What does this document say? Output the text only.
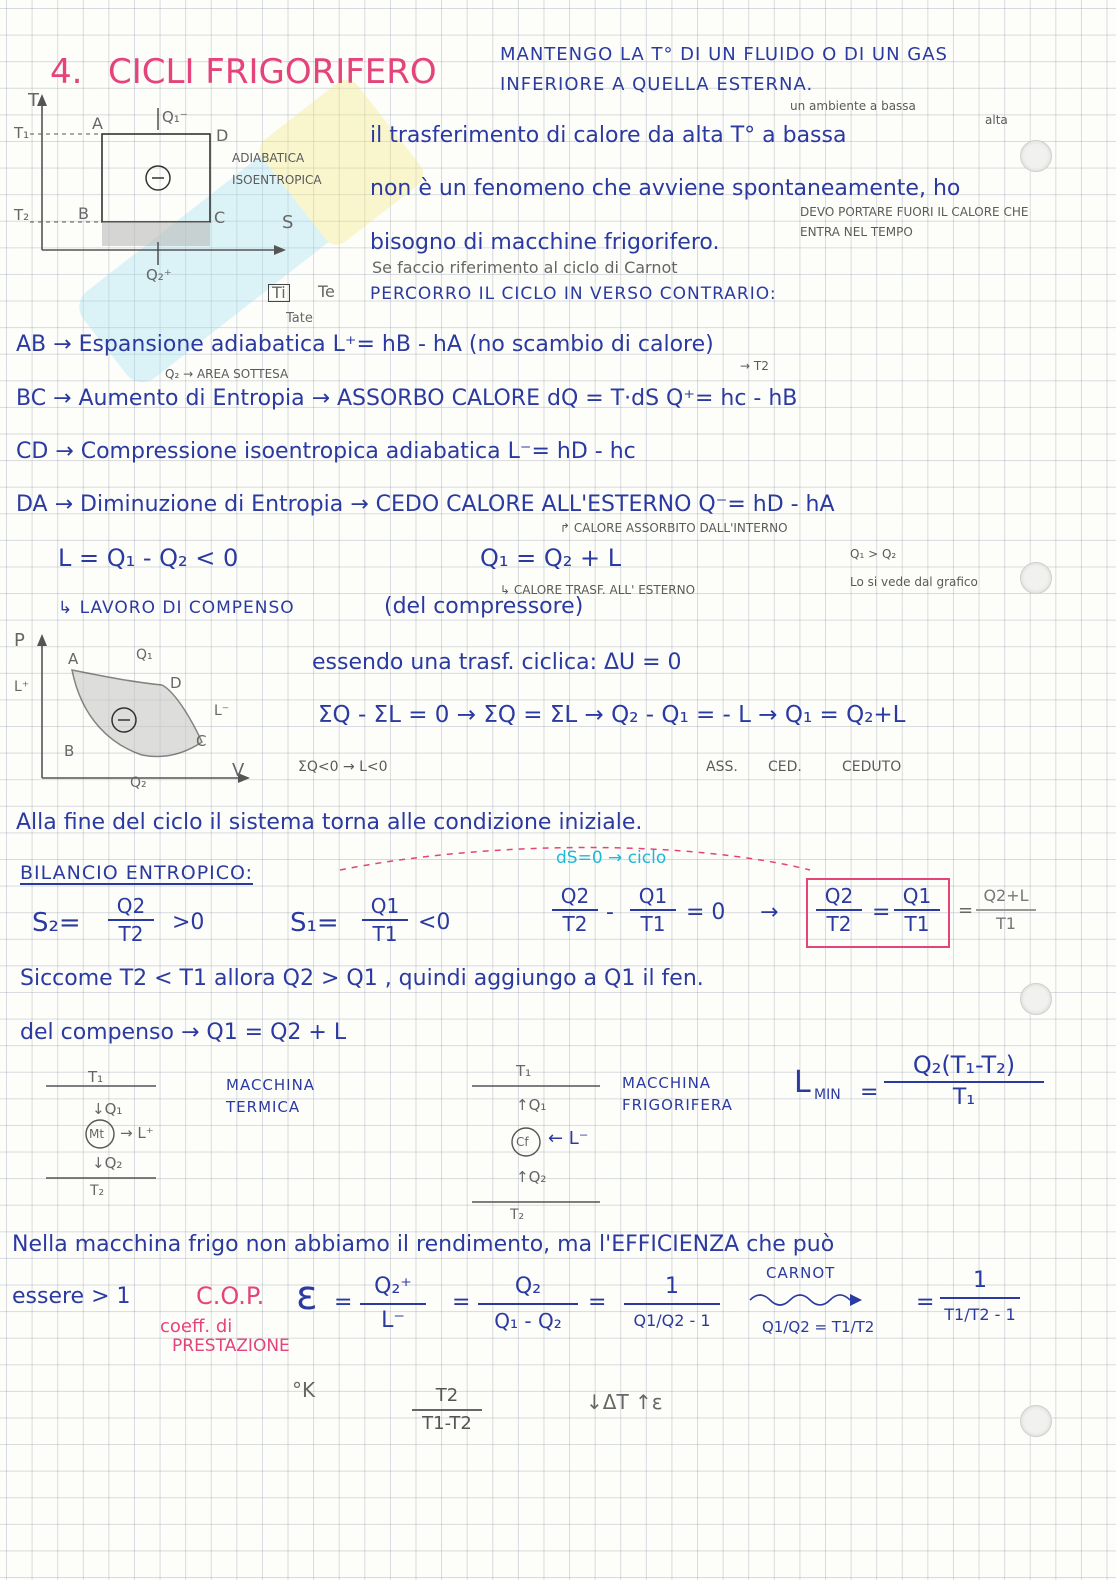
4. CICLI FRIGORIFERO	MANTENGO LA T° DI UN FLUIDO O DI UN GAS INFERIORE A QUELLA ESTERNA.
T
S
T₁
T₂
A
B	C
D
Q₁⁻
Q₂⁺
ADIABATICA
ISOENTROPICA
il trasferimento di calore da alta T° a bassa
un ambiente a bassa
alta
non è un fenomeno che avviene spontaneamente, ho
bisogno di macchine frigorifero.
DEVO PORTARE FUORI IL CALORE CHE ENTRA NEL TEMPO
Se faccio riferimento al ciclo di Carnot
Ti Te
Tate
PERCORRO IL CICLO IN VERSO CONTRARIO:
Q₂ → AREA SOTTESA
→ T2
AB → Espansione adiabatica L⁺= hB - hA (no scambio di calore)
BC → Aumento di Entropia → ASSORBO CALORE dQ = T·dS Q⁺= hc - hB
CD → Compressione isoentropica adiabatica L⁻= hD - hc
DA → Diminuzione di Entropia → CEDO CALORE ALL'ESTERNO Q⁻= hD - hA
↱ CALORE ASSORBITO DALL'INTERNO
Q₁ > Q₂
Lo si vede dal grafico
L = Q₁ - Q₂ < 0	Q₁ = Q₂ + L
↳ CALORE TRASF. ALL' ESTERNO
↳ LAVORO DI COMPENSO	(del compressore)
P
V
A
B
C
D
Q₁
Q₂
L⁺
L⁻
essendo una trasf. ciclica: ΔU = 0
ΣQ - ΣL = 0 → ΣQ = ΣL → Q₂ - Q₁ = - L → Q₁ = Q₂+L
ΣQ<0 → L<0	ASS. CED.	CEDUTO
Alla fine del ciclo il sistema torna alle condizione iniziale.
BILANCIO ENTROPICO:
dS=0 → ciclo
S₂=
Q2
T2	>0	S₁=
Q1
T1 <0
Q2
T2 -
Q1
T1 = 0 →
Q2
T2 =
Q1
T1
=
Q2+L
T1
Siccome T2 < T1 allora Q2 > Q1 , quindi aggiungo a Q1 il fen.
del compenso → Q1 = Q2 + L
T₁
↓Q₁
Mt → L⁺
↓Q₂
T₂
MACCHINA
TERMICA
T₁
↑Q₁
Cf ← L⁻
↑Q₂
T₂
MACCHINA
FRIGORIFERA
L MIN =
Q₂(T₁-T₂)
T₁
Nella macchina frigo non abbiamo il rendimento, ma l'EFFICIENZA che può
essere > 1	C.O.P.
coeff. di
PRESTAZIONE
ε =
Q₂⁺
L⁻
=
Q₂
Q₁ - Q₂
=
1
Q1/Q2 - 1
CARNOT
Q1/Q2 = T1/T2
=
1
T1/T2 - 1
°K	T2
T1-T2
↓ΔT ↑ε
